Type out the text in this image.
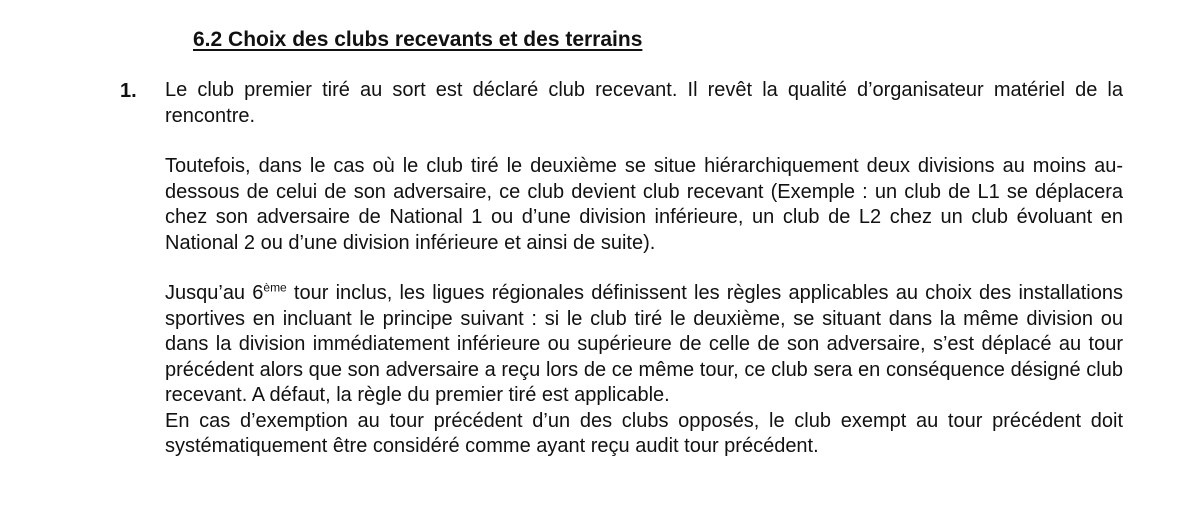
6.2 Choix des clubs recevants et des terrains
1. Le club premier tiré au sort est déclaré club recevant. Il revêt la qualité d’organisateur matériel de la rencontre.

Toutefois, dans le cas où le club tiré le deuxième se situe hiérarchiquement deux divisions au moins au-dessous de celui de son adversaire, ce club devient club recevant (Exemple : un club de L1 se déplacera chez son adversaire de National 1 ou d’une division inférieure, un club de L2 chez un club évoluant en National 2 ou d’une division inférieure et ainsi de suite).

Jusqu’au 6ème tour inclus, les ligues régionales définissent les règles applicables au choix des installations sportives en incluant le principe suivant : si le club tiré le deuxième, se situant dans la même division ou dans la division immédiatement inférieure ou supérieure de celle de son adversaire, s’est déplacé au tour précédent alors que son adversaire a reçu lors de ce même tour, ce club sera en conséquence désigné club recevant. A défaut, la règle du premier tiré est applicable.

En cas d’exemption au tour précédent d’un des clubs opposés, le club exempt au tour précédent doit systématiquement être considéré comme ayant reçu audit tour précédent.
